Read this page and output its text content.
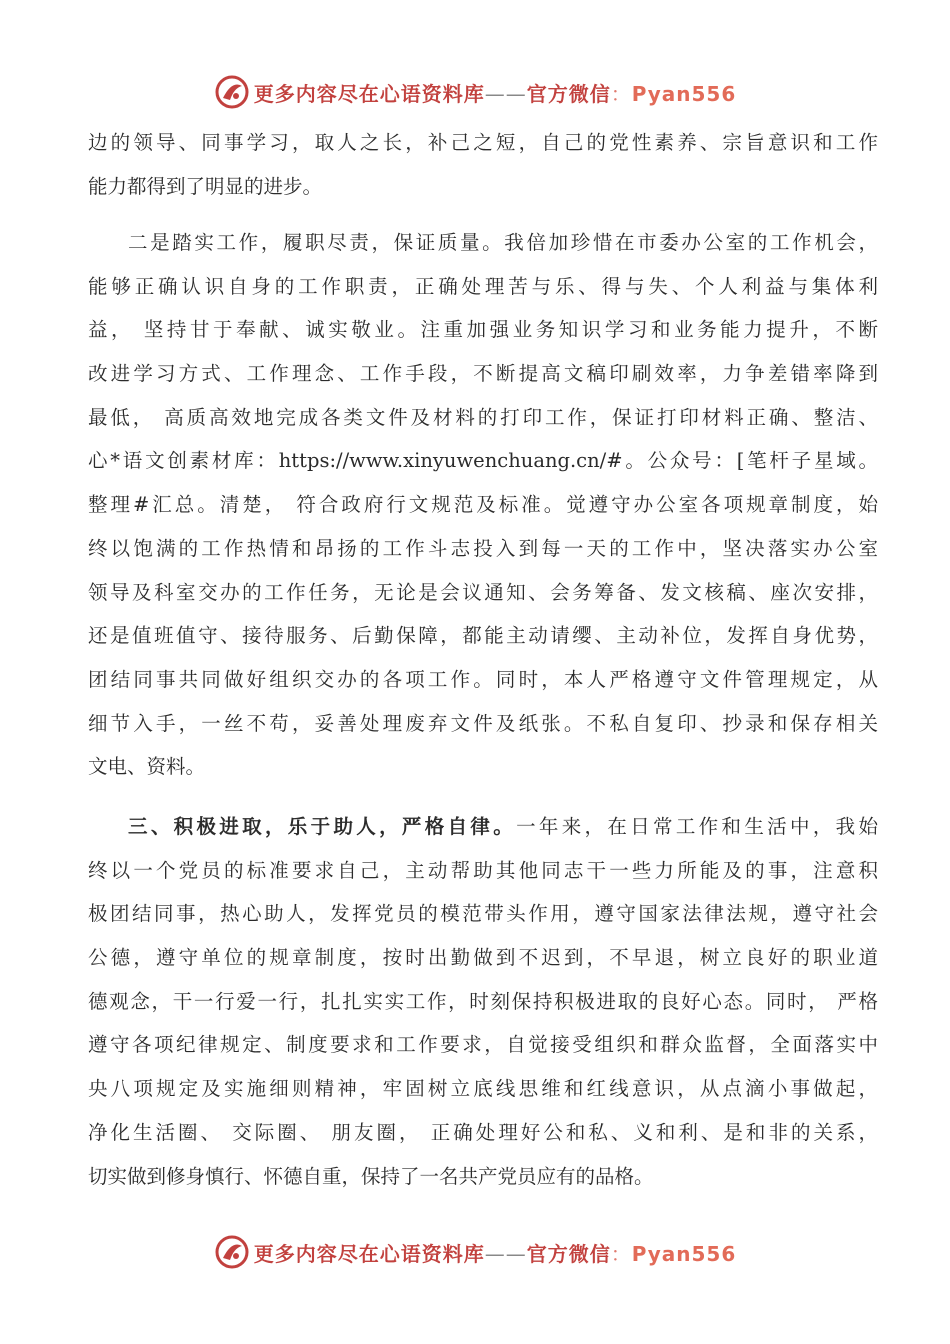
更多内容尽在心语资料库——官方微信：Pyan556
边的领导、同事学习，取人之长，补己之短，自己的党性素养、宗旨意识和工作
能力都得到了明显的进步。
二是踏实工作，履职尽责，保证质量。我倍加珍惜在市委办公室的工作机会，
能够正确认识自身的工作职责，正确处理苦与乐、得与失、个人利益与集体利
益， 坚持甘于奉献、诚实敬业。注重加强业务知识学习和业务能力提升，不断
改进学习方式、工作理念、工作手段，不断提高文稿印刷效率，力争差错率降到
最低， 高质高效地完成各类文件及材料的打印工作，保证打印材料正确、整洁、
心*语文创素材库：https://www.xinyuwenchuang.cn/#。公众号：[笔杆子星域。
整理#汇总。清楚， 符合政府行文规范及标准。觉遵守办公室各项规章制度，始
终以饱满的工作热情和昂扬的工作斗志投入到每一天的工作中，坚决落实办公室
领导及科室交办的工作任务，无论是会议通知、会务筹备、发文核稿、座次安排，
还是值班值守、接待服务、后勤保障，都能主动请缨、主动补位，发挥自身优势，
团结同事共同做好组织交办的各项工作。同时，本人严格遵守文件管理规定，从
细节入手，一丝不苟，妥善处理废弃文件及纸张。不私自复印、抄录和保存相关
文电、资料。
三、积极进取，乐于助人，严格自律。一年来，在日常工作和生活中，我始
终以一个党员的标准要求自己，主动帮助其他同志干一些力所能及的事，注意积
极团结同事，热心助人，发挥党员的模范带头作用，遵守国家法律法规，遵守社会
公德，遵守单位的规章制度，按时出勤做到不迟到，不早退，树立良好的职业道
德观念，干一行爱一行，扎扎实实工作，时刻保持积极进取的良好心态。同时， 严格
遵守各项纪律规定、制度要求和工作要求，自觉接受组织和群众监督，全面落实中
央八项规定及实施细则精神，牢固树立底线思维和红线意识，从点滴小事做起，
净化生活圈、 交际圈、 朋友圈， 正确处理好公和私、义和利、是和非的关系，
切实做到修身慎行、怀德自重，保持了一名共产党员应有的品格。
更多内容尽在心语资料库——官方微信：Pyan556
